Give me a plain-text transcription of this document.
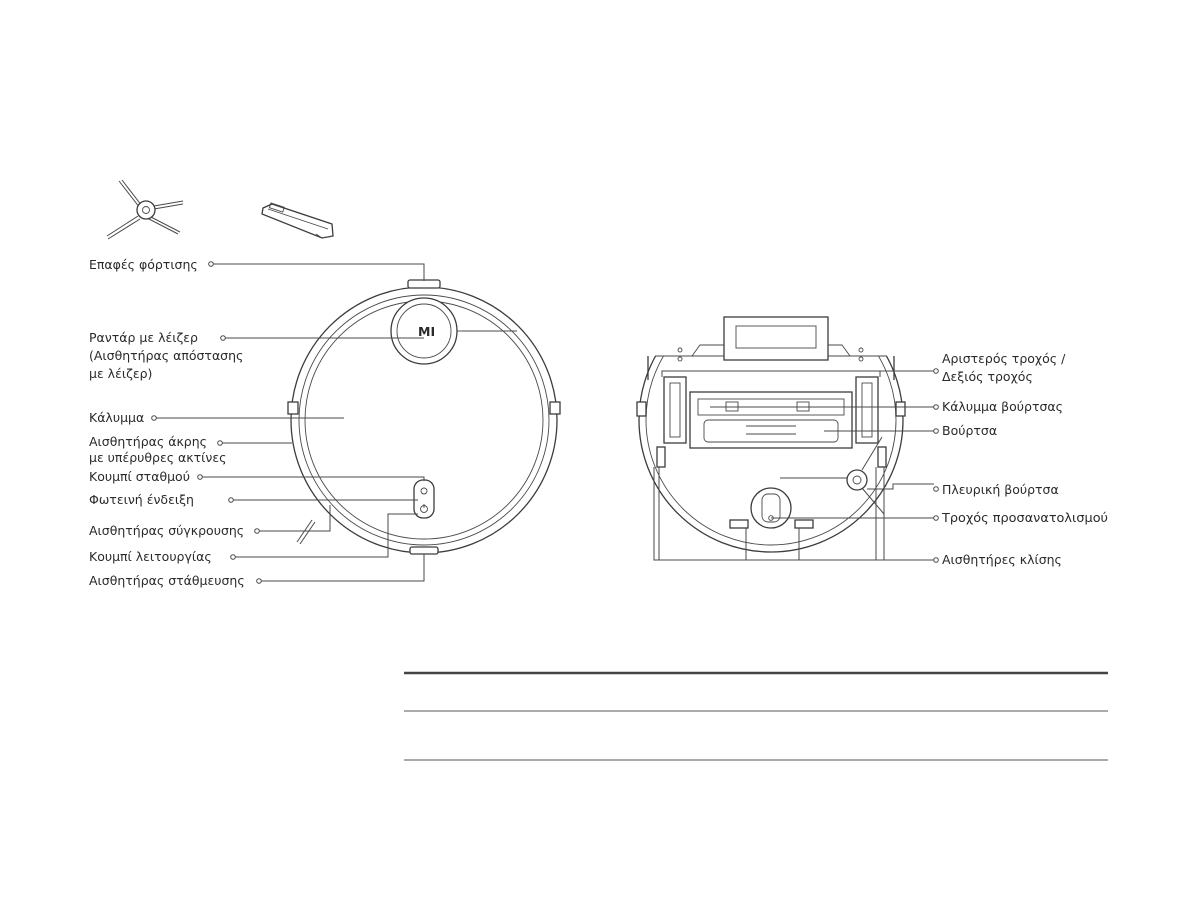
MI
Επαφές φόρτισης
Ραντάρ με λέιζερ
(Αισθητήρας απόστασης
με λέιζερ)
Κάλυμμα
Αισθητήρας άκρης
με υπέρυθρες ακτίνες
Κουμπί σταθμού
Φωτεινή ένδειξη
Αισθητήρας σύγκρουσης
Κουμπί λειτουργίας
Αισθητήρας στάθμευσης
Αριστερός τροχός /
Δεξιός τροχός
Κάλυμμα βούρτσας
Βούρτσα
Πλευρική βούρτσα
Τροχός προσανατολισμού
Αισθητήρες κλίσης
